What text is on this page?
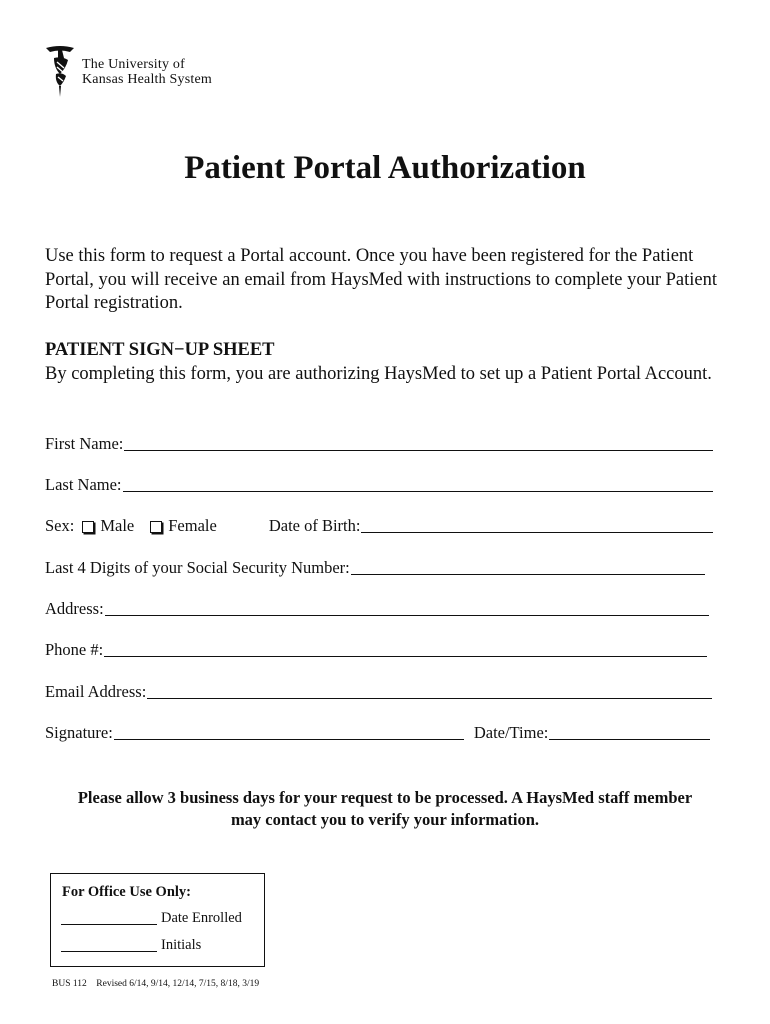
The University of
Kansas Health System
Patient Portal Authorization
Use this form to request a Portal account. Once you have been registered for the Patient Portal, you will receive an email from HaysMed with instructions to complete your Patient Portal registration.
PATIENT SIGN−UP SHEET
By completing this form, you are authorizing HaysMed to set up a Patient Portal Account.
First Name:
Last Name:
Sex: Male Female	Date of Birth:
Last 4 Digits of your Social Security Number:
Address:
Phone #:
Email Address:
Signature:	Date/Time:
Please allow 3 business days for your request to be processed. A HaysMed staff member
may contact you to verify your information.
For Office Use Only:
Date Enrolled
Initials
BUS 112 Revised 6/14, 9/14, 12/14, 7/15, 8/18, 3/19
